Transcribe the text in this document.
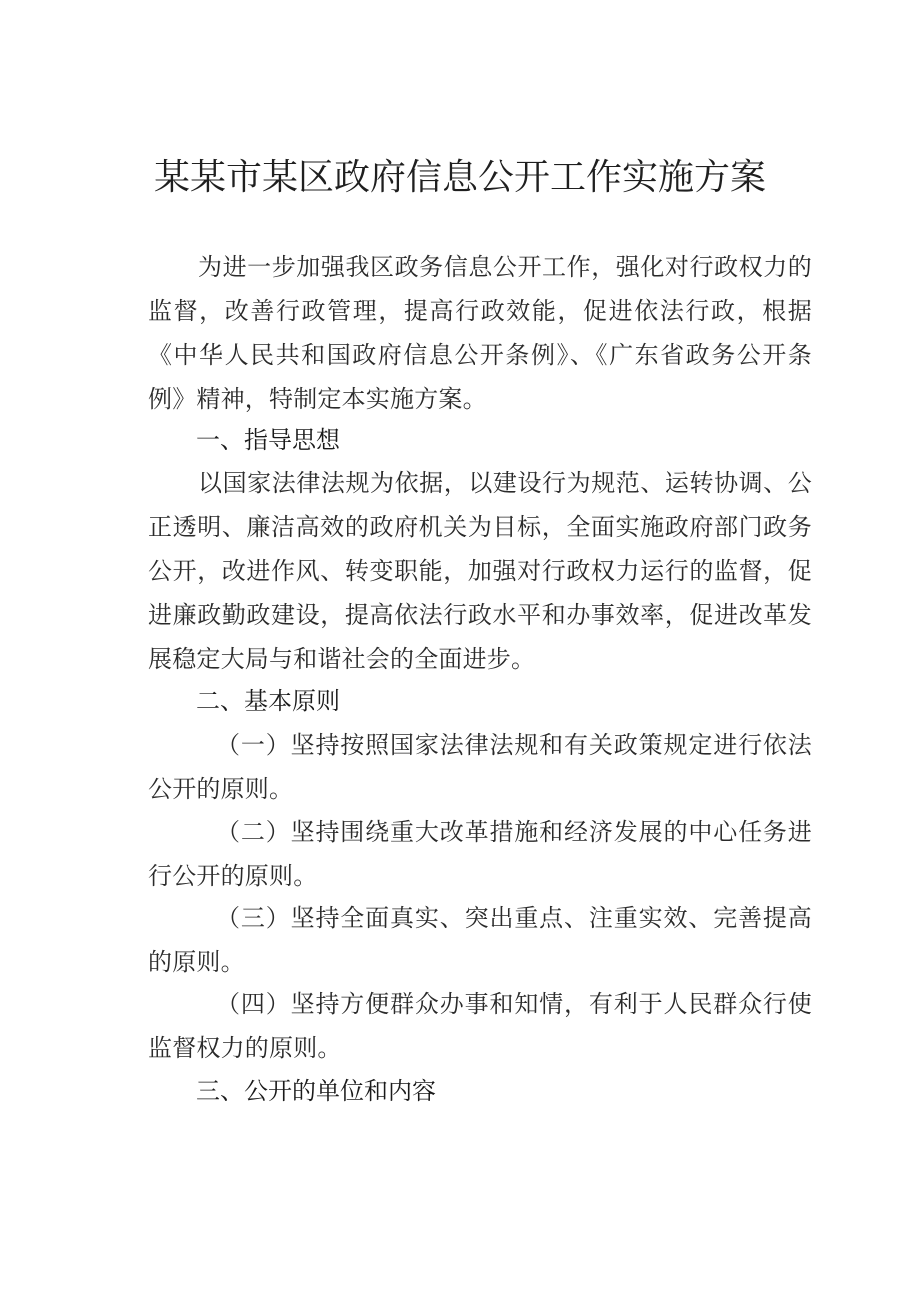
某某市某区政府信息公开工作实施方案

为进一步加强我区政务信息公开工作，强化对行政权力的监督，改善行政管理，提高行政效能，促进依法行政，根据《中华人民共和国政府信息公开条例》、《广东省政务公开条例》精神，特制定本实施方案。

一、指导思想

以国家法律法规为依据，以建设行为规范、运转协调、公正透明、廉洁高效的政府机关为目标，全面实施政府部门政务公开，改进作风、转变职能，加强对行政权力运行的监督，促进廉政勤政建设，提高依法行政水平和办事效率，促进改革发展稳定大局与和谐社会的全面进步。

二、基本原则

（一）坚持按照国家法律法规和有关政策规定进行依法公开的原则。

（二）坚持围绕重大改革措施和经济发展的中心任务进行公开的原则。

（三）坚持全面真实、突出重点、注重实效、完善提高的原则。

（四）坚持方便群众办事和知情，有利于人民群众行使监督权力的原则。

三、公开的单位和内容
